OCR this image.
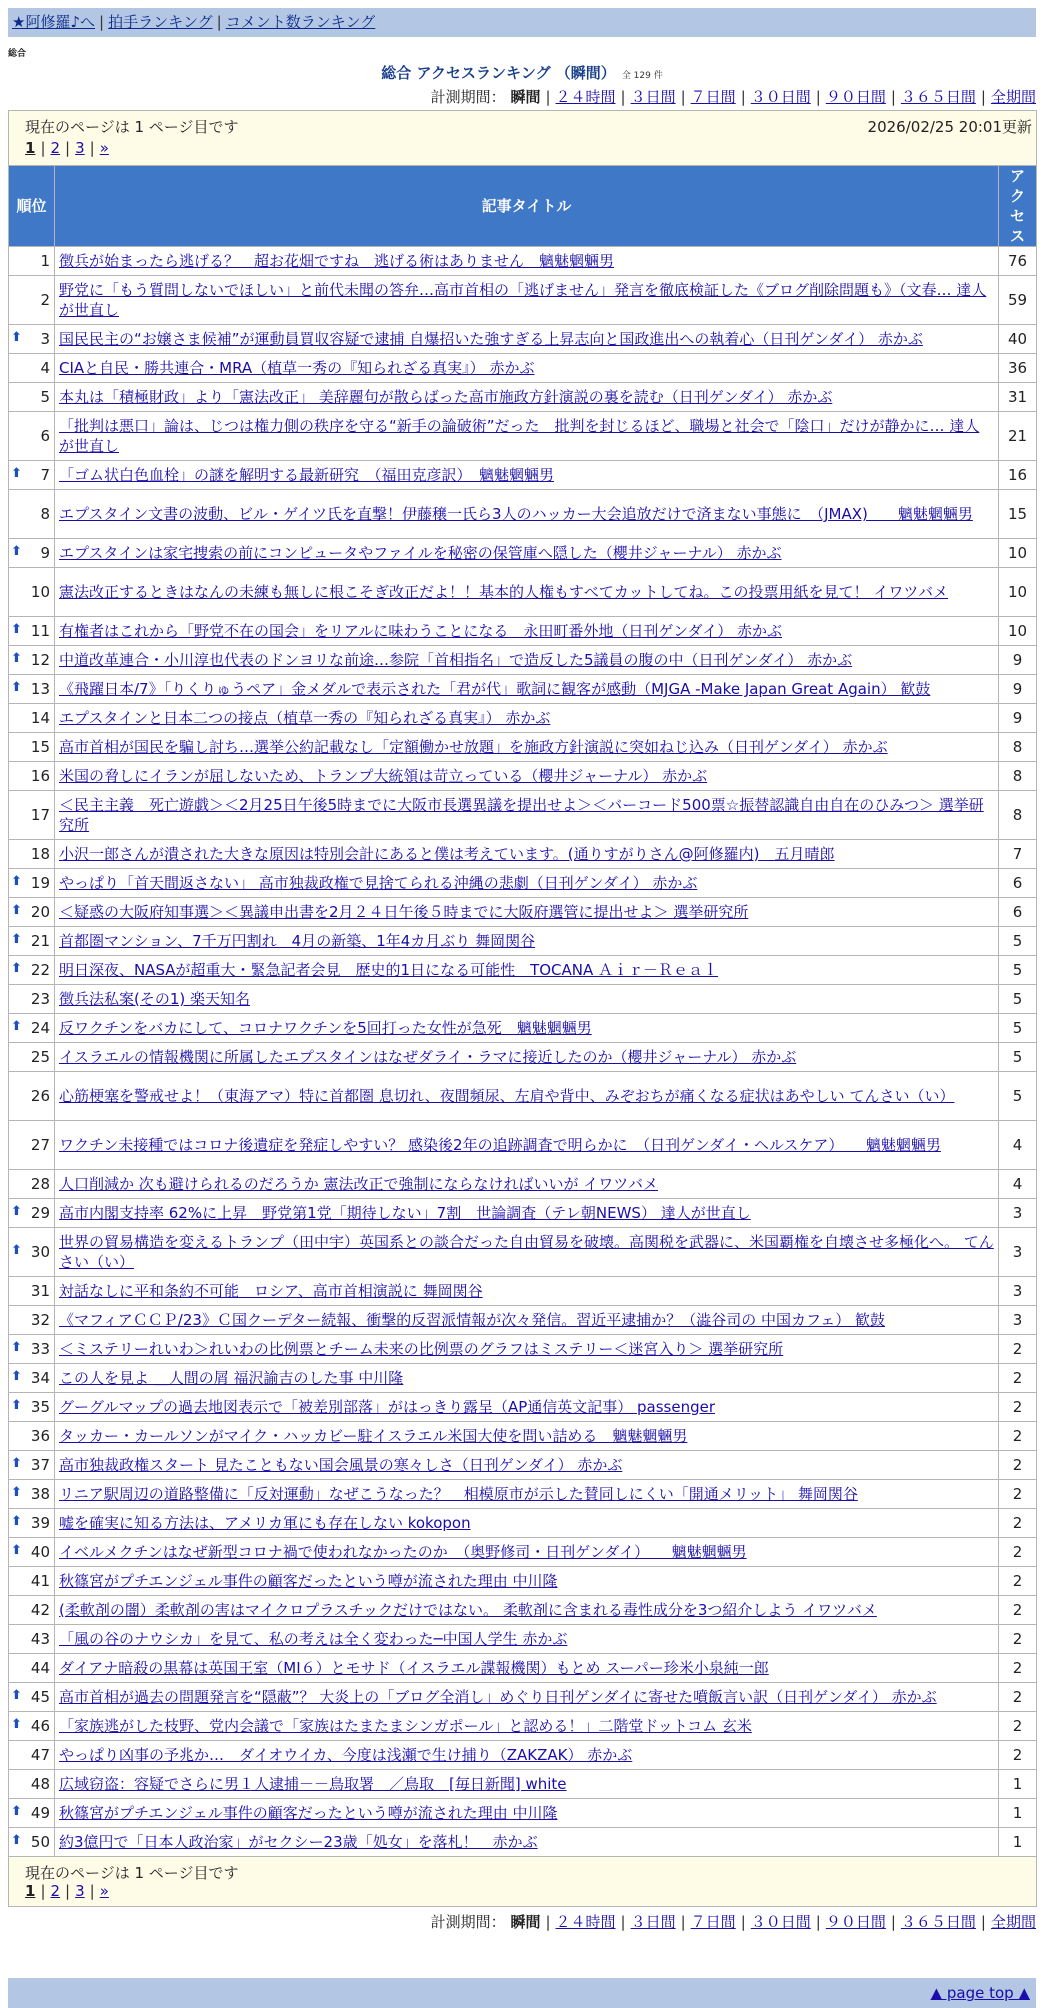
★阿修羅♪へ | 拍手ランキング | コメント数ランキング
総合
総合 アクセスランキング （瞬間） 全 129 件
計測期間： 瞬間 | ２４時間 | ３日間 | ７日間 | ３０日間 | ９０日間 | ３６５日間 | 全期間
現在のページは 1 ページ目です 2026/02/25 20:01更新
1 | 2 | 3 | »		

順位	記事タイトル	アクセス
1	徴兵が始まったら逃げる？　超お花畑ですね　逃げる術はありません　魑魅魍魎男	76
2	野党に「もう質問しないでほしい」と前代未聞の答弁…高市首相の「逃げません」発言を徹底検証した《ブログ削除問題も》（文春… 達人が世直し	59

⬆ 3	国民民主の“お嬢さま候補”が運動員買収容疑で逮捕 自爆招いた強すぎる上昇志向と国政進出への執着心（日刊ゲンダイ） 赤かぶ	40
4	CIAと自民・勝共連合・MRA（植草一秀の『知られざる真実』） 赤かぶ	36
5	本丸は「積極財政」より「憲法改正」 美辞麗句が散らばった高市施政方針演説の裏を読む（日刊ゲンダイ） 赤かぶ	31
6	「批判は悪口」論は、じつは権力側の秩序を守る“新手の論破術”だった　批判を封じるほど、職場と社会で「陰口」だけが静かに… 達人が世直し	21

⬆ 7	「ゴム状白色血栓」の謎を解明する最新研究　（福田克彦訳）　魑魅魍魎男	16
8	エプスタイン文書の波動、ビル・ゲイツ氏を直撃！伊藤穣一氏ら3人のハッカー大会追放だけで済まない事態に　（JMAX)　　魑魅魍魎男	15

⬆ 9	エプスタインは家宅捜索の前にコンピュータやファイルを秘密の保管庫へ隠した（櫻井ジャーナル） 赤かぶ	10
10	憲法改正するときはなんの未練も無しに根こそぎ改正だよ！！基本的人権もすべてカットしてね。この投票用紙を見て！ イワツバメ	10

⬆ 11	有権者はこれから「野党不在の国会」をリアルに味わうことになる　永田町番外地（日刊ゲンダイ） 赤かぶ	10

⬆ 12	中道改革連合・小川淳也代表のドンヨリな前途…参院「首相指名」で造反した5議員の腹の中（日刊ゲンダイ） 赤かぶ	9

⬆ 13	《飛躍日本/7》「りくりゅうペア」金メダルで表示された「君が代」歌詞に観客が感動（MJGA -Make Japan Great Again） 歓鼓	9
14	エプスタインと日本二つの接点（植草一秀の『知られざる真実』） 赤かぶ	9
15	高市首相が国民を騙し討ち…選挙公約記載なし「定額働かせ放題」を施政方針演説に突如ねじ込み（日刊ゲンダイ） 赤かぶ	8
16	米国の脅しにイランが屈しないため、トランプ大統領は苛立っている（櫻井ジャーナル） 赤かぶ	8
17	＜民主主義　死亡遊戯＞＜2月25日午後5時までに大阪市長選異議を提出せよ＞＜バーコード500票☆振替認識自由自在のひみつ＞ 選挙研究所	8
18	小沢一郎さんが潰された大きな原因は特別会計にあると僕は考えています。(通りすがりさん@阿修羅内)　五月晴郎	7

⬆ 19	やっぱり「首天間返さない」 高市独裁政権で見捨てられる沖縄の悲劇（日刊ゲンダイ） 赤かぶ	6

⬆ 20	＜疑惑の大阪府知事選＞＜異議申出書を2月２４日午後５時までに大阪府選管に提出せよ＞ 選挙研究所	6

⬆ 21	首都圏マンション、7千万円割れ　4月の新築、1年4カ月ぶり 舞岡関谷	5

⬆ 22	明日深夜、NASAが超重大・緊急記者会見　歴史的1日になる可能性　TOCANA Ａｉｒ－Ｒｅａｌ	5
23	徴兵法私案(その1) 楽天知名	5

⬆ 24	反ワクチンをバカにして、コロナワクチンを5回打った女性が急死　魑魅魍魎男	5
25	イスラエルの情報機関に所属したエプスタインはなぜダライ・ラマに接近したのか（櫻井ジャーナル） 赤かぶ	5
26	心筋梗塞を警戒せよ！（東海アマ）特に首都圏 息切れ、夜間頻尿、左肩や背中、みぞおちが痛くなる症状はあやしい てんさい（い）	5
27	ワクチン未接種ではコロナ後遺症を発症しやすい？ 感染後2年の追跡調査で明らかに　（日刊ゲンダイ・ヘルスケア）　　魑魅魍魎男	4
28	人口削減か 次も避けられるのだろうか 憲法改正で強制にならなければいいが イワツバメ	4

⬆ 29	高市内閣支持率 62%に上昇　野党第1党「期待しない」7割　世論調査（テレ朝NEWS） 達人が世直し	3

⬆ 30	世界の貿易構造を変えるトランプ（田中宇）英国系との談合だった自由貿易を破壊。高関税を武器に、米国覇権を自壊させ多極化へ。 てんさい（い）	3
31	対話なしに平和条約不可能　ロシア、高市首相演説に 舞岡関谷	3
32	《マフィアＣＣＰ/23》Ｃ国クーデター続報、衝撃的反習派情報が次々発信。習近平逮捕か？（澁谷司の 中国カフェ） 歓鼓	3

⬆ 33	＜ミステリーれいわ＞れいわの比例票とチーム未来の比例票のグラフはミステリー＜迷宮入り＞ 選挙研究所	2

⬆ 34	この人を見よ ＿人間の屑 福沢諭吉のした事 中川隆	2

⬆ 35	グーグルマップの過去地図表示で「被差別部落」がはっきり露呈（AP通信英文記事） passenger	2
36	タッカー・カールソンがマイク・ハッカビー駐イスラエル米国大使を問い詰める　魑魅魍魎男	2

⬆ 37	高市独裁政権スタート 見たこともない国会風景の寒々しさ（日刊ゲンダイ） 赤かぶ	2

⬆ 38	リニア駅周辺の道路整備に「反対運動」なぜこうなった？　相模原市が示した賛同しにくい「開通メリット」 舞岡関谷	2

⬆ 39	嘘を確実に知る方法は、アメリカ軍にも存在しない kokopon	2

⬆ 40	イベルメクチンはなぜ新型コロナ禍で使われなかったのか　（奥野修司・日刊ゲンダイ）　　魑魅魍魎男	2
41	秋篠宮がプチエンジェル事件の顧客だったという噂が流された理由 中川隆	2
42	(柔軟剤の闇）柔軟剤の害はマイクロプラスチックだけではない。 柔軟剤に含まれる毒性成分を3つ紹介しよう イワツバメ	2
43	「風の谷のナウシカ」を見て、私の考えは全く変わった─中国人学生 赤かぶ	2
44	ダイアナ暗殺の黒幕は英国王室（MI６）とモサド（イスラエル諜報機関）もとめ スーパー珍米小泉純一郎	2

⬆ 45	高市首相が過去の問題発言を“隠蔽”？ 大炎上の「ブログ全消し」めぐり日刊ゲンダイに寄せた噴飯言い訳（日刊ゲンダイ） 赤かぶ	2

⬆ 46	「家族逃がした枝野、党内会議で「家族はたまたまシンガポール」と認める！」二階堂ドットコム 玄米	2
47	やっぱり凶事の予兆か…　ダイオウイカ、今度は浅瀬で生け捕り（ZAKZAK） 赤かぶ	2
48	広域窃盗：容疑でさらに男１人逮捕－－鳥取署　／鳥取　[毎日新聞] white	1

⬆ 49	秋篠宮がプチエンジェル事件の顧客だったという噂が流された理由 中川隆	1

⬆ 50	約3億円で「日本人政治家」がセクシー23歳「処女」を落札！　赤かぶ	1

現在のページは 1 ページ目です
1 | 2 | 3 | »		
計測期間： 瞬間 | ２４時間 | ３日間 | ７日間 | ３０日間 | ９０日間 | ３６５日間 | 全期間
▲ page top ▲
